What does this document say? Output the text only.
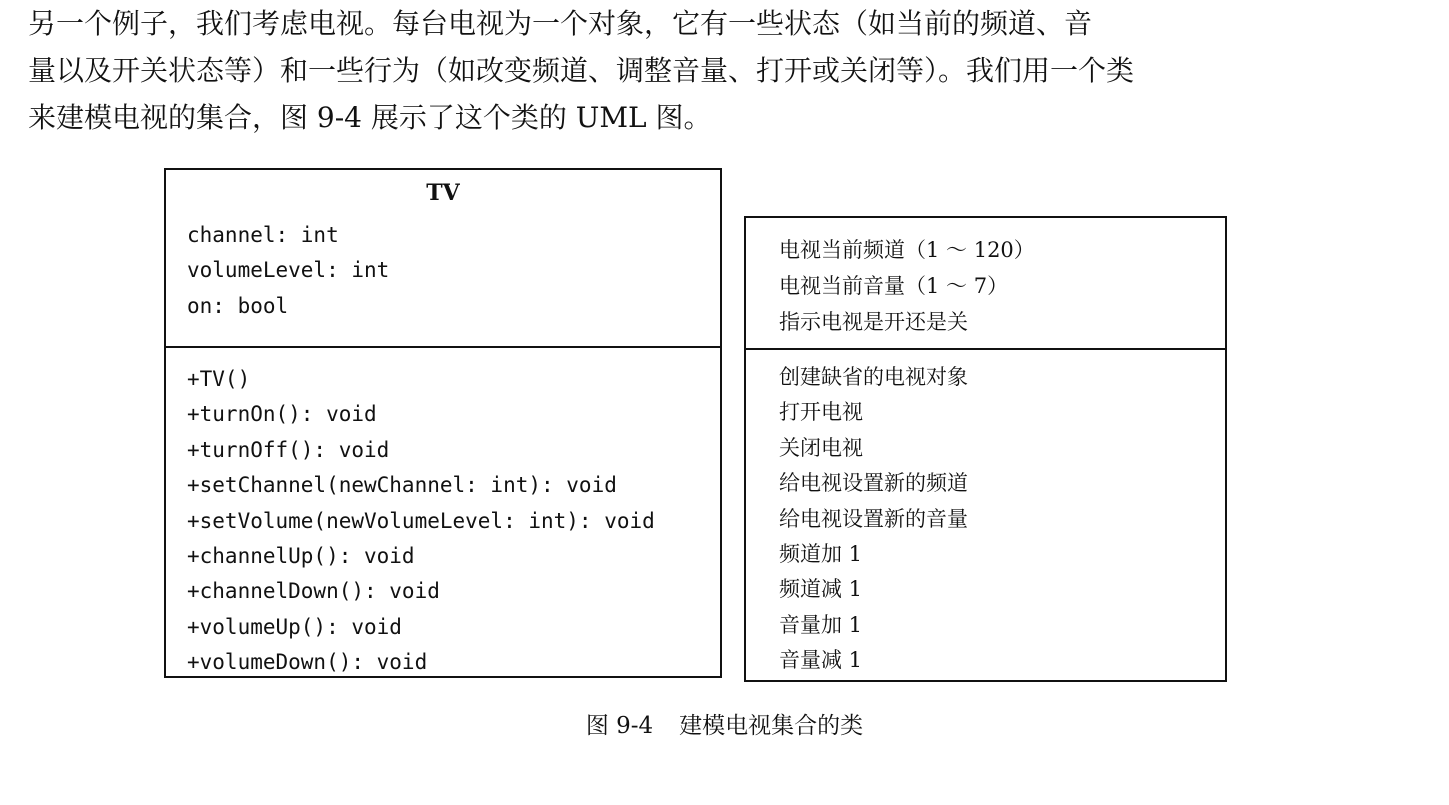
另一个例子，我们考虑电视。每台电视为一个对象，它有一些状态（如当前的频道、音

量以及开关状态等）和一些行为（如改变频道、调整音量、打开或关闭等）。我们用一个类

来建模电视的集合，图 9-4 展示了这个类的 UML 图。

TV
channel: int
volumeLevel: int
on: bool
+TV()
+turnOn(): void
+turnOff(): void
+setChannel(newChannel: int): void
+setVolume(newVolumeLevel: int): void
+channelUp(): void
+channelDown(): void
+volumeUp(): void
+volumeDown(): void
电视当前频道（1 ～ 120）
电视当前音量（1 ～ 7）
指示电视是开还是关
创建缺省的电视对象
打开电视
关闭电视
给电视设置新的频道
给电视设置新的音量
频道加 1
频道减 1
音量加 1
音量减 1
图 9-4 建模电视集合的类
